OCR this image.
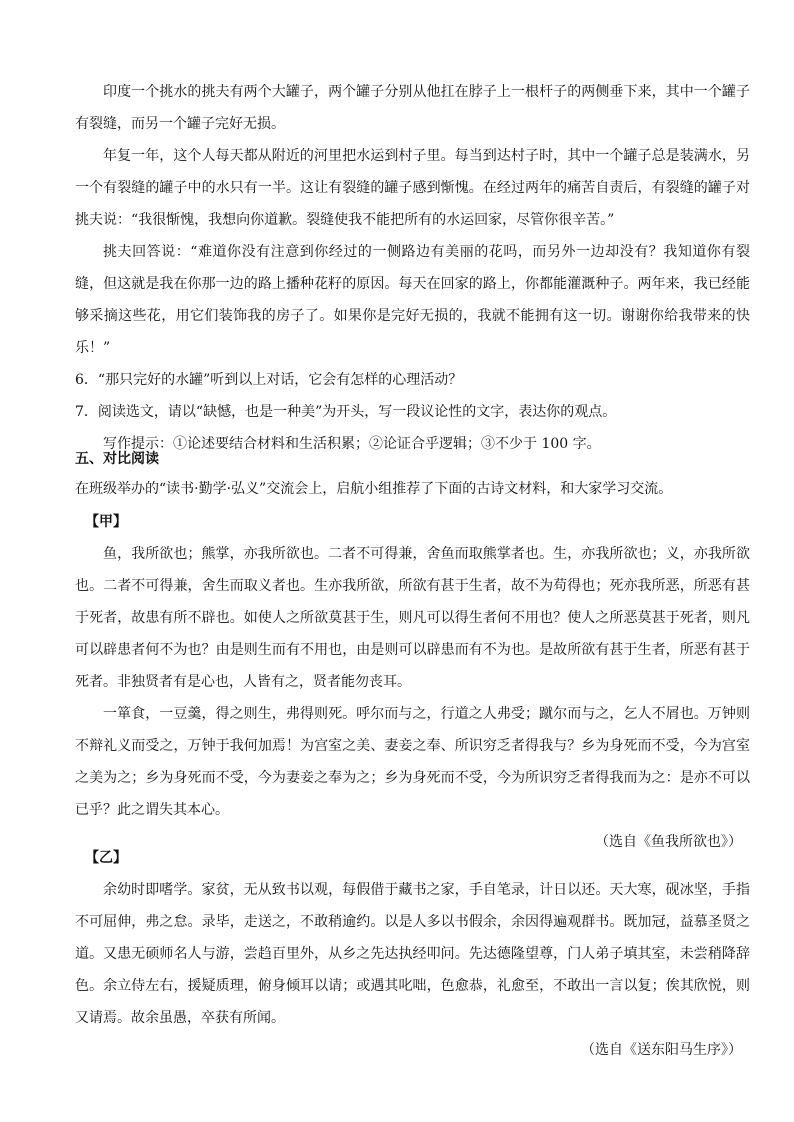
印度一个挑水的挑夫有两个大罐子，两个罐子分别从他扛在脖子上一根杆子的两侧垂下来，其中一个罐子有裂缝，而另一个罐子完好无损。

年复一年，这个人每天都从附近的河里把水运到村子里。每当到达村子时，其中一个罐子总是装满水，另一个有裂缝的罐子中的水只有一半。这让有裂缝的罐子感到惭愧。在经过两年的痛苦自责后，有裂缝的罐子对挑夫说：“我很惭愧，我想向你道歉。裂缝使我不能把所有的水运回家，尽管你很辛苦。”

挑夫回答说：“难道你没有注意到你经过的一侧路边有美丽的花吗，而另外一边却没有？我知道你有裂缝，但这就是我在你那一边的路上播种花籽的原因。每天在回家的路上，你都能灌溉种子。两年来，我已经能够采摘这些花，用它们装饰我的房子了。如果你是完好无损的，我就不能拥有这一切。谢谢你给我带来的快乐！”

6．“那只完好的水罐”听到以上对话，它会有怎样的心理活动？

7．阅读选文，请以“缺憾，也是一种美”为开头，写一段议论性的文字，表达你的观点。

写作提示：①论述要结合材料和生活积累；②论证合乎逻辑；③不少于 100 字。

五、对比阅读

在班级举办的“读书·勤学·弘义”交流会上，启航小组推荐了下面的古诗文材料，和大家学习交流。

【甲】

鱼，我所欲也；熊掌，亦我所欲也。二者不可得兼，舍鱼而取熊掌者也。生，亦我所欲也；义，亦我所欲也。二者不可得兼，舍生而取义者也。生亦我所欲，所欲有甚于生者，故不为苟得也；死亦我所恶，所恶有甚于死者，故患有所不辟也。如使人之所欲莫甚于生，则凡可以得生者何不用也？使人之所恶莫甚于死者，则凡可以辟患者何不为也？由是则生而有不用也，由是则可以辟患而有不为也。是故所欲有甚于生者，所恶有甚于死者。非独贤者有是心也，人皆有之，贤者能勿丧耳。

一箪食，一豆羹，得之则生，弗得则死。呼尔而与之，行道之人弗受；蹴尔而与之，乞人不屑也。万钟则不辩礼义而受之，万钟于我何加焉！为宫室之美、妻妾之奉、所识穷乏者得我与？乡为身死而不受，今为宫室之美为之；乡为身死而不受，今为妻妾之奉为之；乡为身死而不受，今为所识穷乏者得我而为之：是亦不可以已乎？此之谓失其本心。

（选自《鱼我所欲也》）

【乙】

余幼时即嗜学。家贫，无从致书以观，每假借于藏书之家，手自笔录，计日以还。天大寒，砚冰坚，手指不可屈伸，弗之怠。录毕，走送之，不敢稍逾约。以是人多以书假余，余因得遍观群书。既加冠，益慕圣贤之道。又患无硕师名人与游，尝趋百里外，从乡之先达执经叩问。先达德隆望尊，门人弟子填其室，未尝稍降辞色。余立侍左右，援疑质理，俯身倾耳以请；或遇其叱咄，色愈恭，礼愈至，不敢出一言以复；俟其欣悦，则又请焉。故余虽愚，卒获有所闻。

（选自《送东阳马生序》）
